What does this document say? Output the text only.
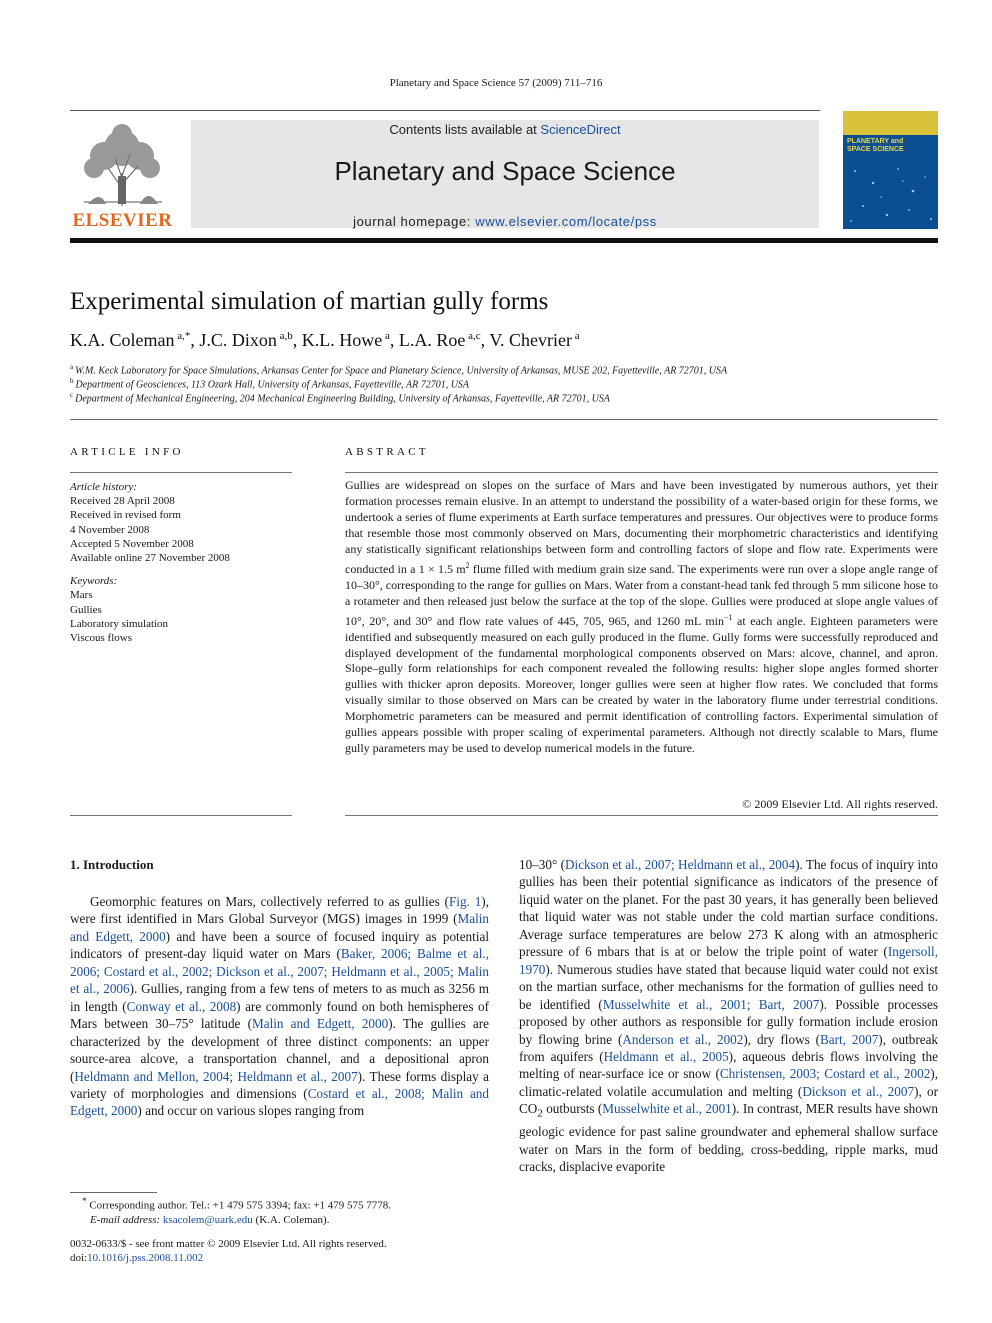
Planetary and Space Science 57 (2009) 711–716
ELSEVIER
Contents lists available at ScienceDirect
Planetary and Space Science
journal homepage: www.elsevier.com/locate/pss
PLANETARY and
SPACE SCIENCE
Experimental simulation of martian gully forms
K.A. Coleman $^{a,*}$, J.C. Dixon $^{a,b}$, K.L. Howe $^a$, L.A. Roe $^{a,c}$, V. Chevrier $^a$
$^a$ W.M. Keck Laboratory for Space Simulations, Arkansas Center for Space and Planetary Science, University of Arkansas, MUSE 202, Fayetteville, AR 72701, USA
$^b$ Department of Geosciences, 113 Ozark Hall, University of Arkansas, Fayetteville, AR 72701, USA
$^c$ Department of Mechanical Engineering, 204 Mechanical Engineering Building, University of Arkansas, Fayetteville, AR 72701, USA
ARTICLE INFO
Article history:
Received 28 April 2008
Received in revised form
4 November 2008
Accepted 5 November 2008
Available online 27 November 2008
Keywords:
Mars
Gullies
Laboratory simulation
Viscous flows
ABSTRACT
Gullies are widespread on slopes on the surface of Mars and have been investigated by numerous authors, yet their formation processes remain elusive. In an attempt to understand the possibility of a water-based origin for these forms, we undertook a series of flume experiments at Earth surface temperatures and pressures. Our objectives were to produce forms that resemble those most commonly observed on Mars, documenting their morphometric characteristics and identifying any statistically significant relationships between form and controlling factors of slope and flow rate. Experiments were conducted in a 1 × 1.5 $m^2$ flume filled with medium grain size sand. The experiments were run over a slope angle range of 10–30°, corresponding to the range for gullies on Mars. Water from a constant-head tank fed through 5 mm silicone hose to a rotameter and then released just below the surface at the top of the slope. Gullies were produced at slope angle values of 10°, 20°, and 30° and flow rate values of 445, 705, 965, and 1260 mL $\min^{-1}$ at each angle. Eighteen parameters were identified and subsequently measured on each gully produced in the flume. Gully forms were successfully reproduced and displayed development of the fundamental morphological components observed on Mars: alcove, channel, and apron. Slope–gully form relationships for each component revealed the following results: higher slope angles formed shorter gullies with thicker apron deposits. Moreover, longer gullies were seen at higher flow rates. We concluded that forms visually similar to those observed on Mars can be created by water in the laboratory flume under terrestrial conditions. Morphometric parameters can be measured and permit identification of controlling factors. Experimental simulation of gullies appears possible with proper scaling of experimental parameters. Although not directly scalable to Mars, flume gully parameters may be used to develop numerical models in the future.
© 2009 Elsevier Ltd. All rights reserved.
1. Introduction
Geomorphic features on Mars, collectively referred to as gullies (Fig. 1), were first identified in Mars Global Surveyor (MGS) images in 1999 (Malin and Edgett, 2000) and have been a source of focused inquiry as potential indicators of present-day liquid water on Mars (Baker, 2006; Balme et al., 2006; Costard et al., 2002; Dickson et al., 2007; Heldmann et al., 2005; Malin et al., 2006). Gullies, ranging from a few tens of meters to as much as 3256 m in length (Conway et al., 2008) are commonly found on both hemispheres of Mars between 30–75° latitude (Malin and Edgett, 2000). The gullies are characterized by the development of three distinct components: an upper source-area alcove, a transportation channel, and a depositional apron (Heldmann and Mellon, 2004; Heldmann et al., 2007). These forms display a variety of morphologies and dimensions (Costard et al., 2008; Malin and Edgett, 2000) and occur on various slopes ranging from
10–30° (Dickson et al., 2007; Heldmann et al., 2004). The focus of inquiry into gullies has been their potential significance as indicators of the presence of liquid water on the planet. For the past 30 years, it has generally been believed that liquid water was not stable under the cold martian surface conditions. Average surface temperatures are below 273 K along with an atmospheric pressure of 6 mbars that is at or below the triple point of water (Ingersoll, 1970). Numerous studies have stated that because liquid water could not exist on the martian surface, other mechanisms for the formation of gullies need to be identified (Musselwhite et al., 2001; Bart, 2007). Possible processes proposed by other authors as responsible for gully formation include erosion by flowing brine (Anderson et al., 2002), dry flows (Bart, 2007), outbreak from aquifers (Heldmann et al., 2005), aqueous debris flows involving the melting of near-surface ice or snow (Christensen, 2003; Costard et al., 2002), climatic-related volatile accumulation and melting (Dickson et al., 2007), or $CO_2$ outbursts (Musselwhite et al., 2001). In contrast, MER results have shown geologic evidence for past saline groundwater and ephemeral shallow surface water on Mars in the form of bedding, cross-bedding, ripple marks, mud cracks, displacive evaporite
* Corresponding author. Tel.: +1 479 575 3394; fax: +1 479 575 7778.
E-mail address: ksacolem@uark.edu (K.A. Coleman).
0032-0633/$ - see front matter © 2009 Elsevier Ltd. All rights reserved.
doi:10.1016/j.pss.2008.11.002
